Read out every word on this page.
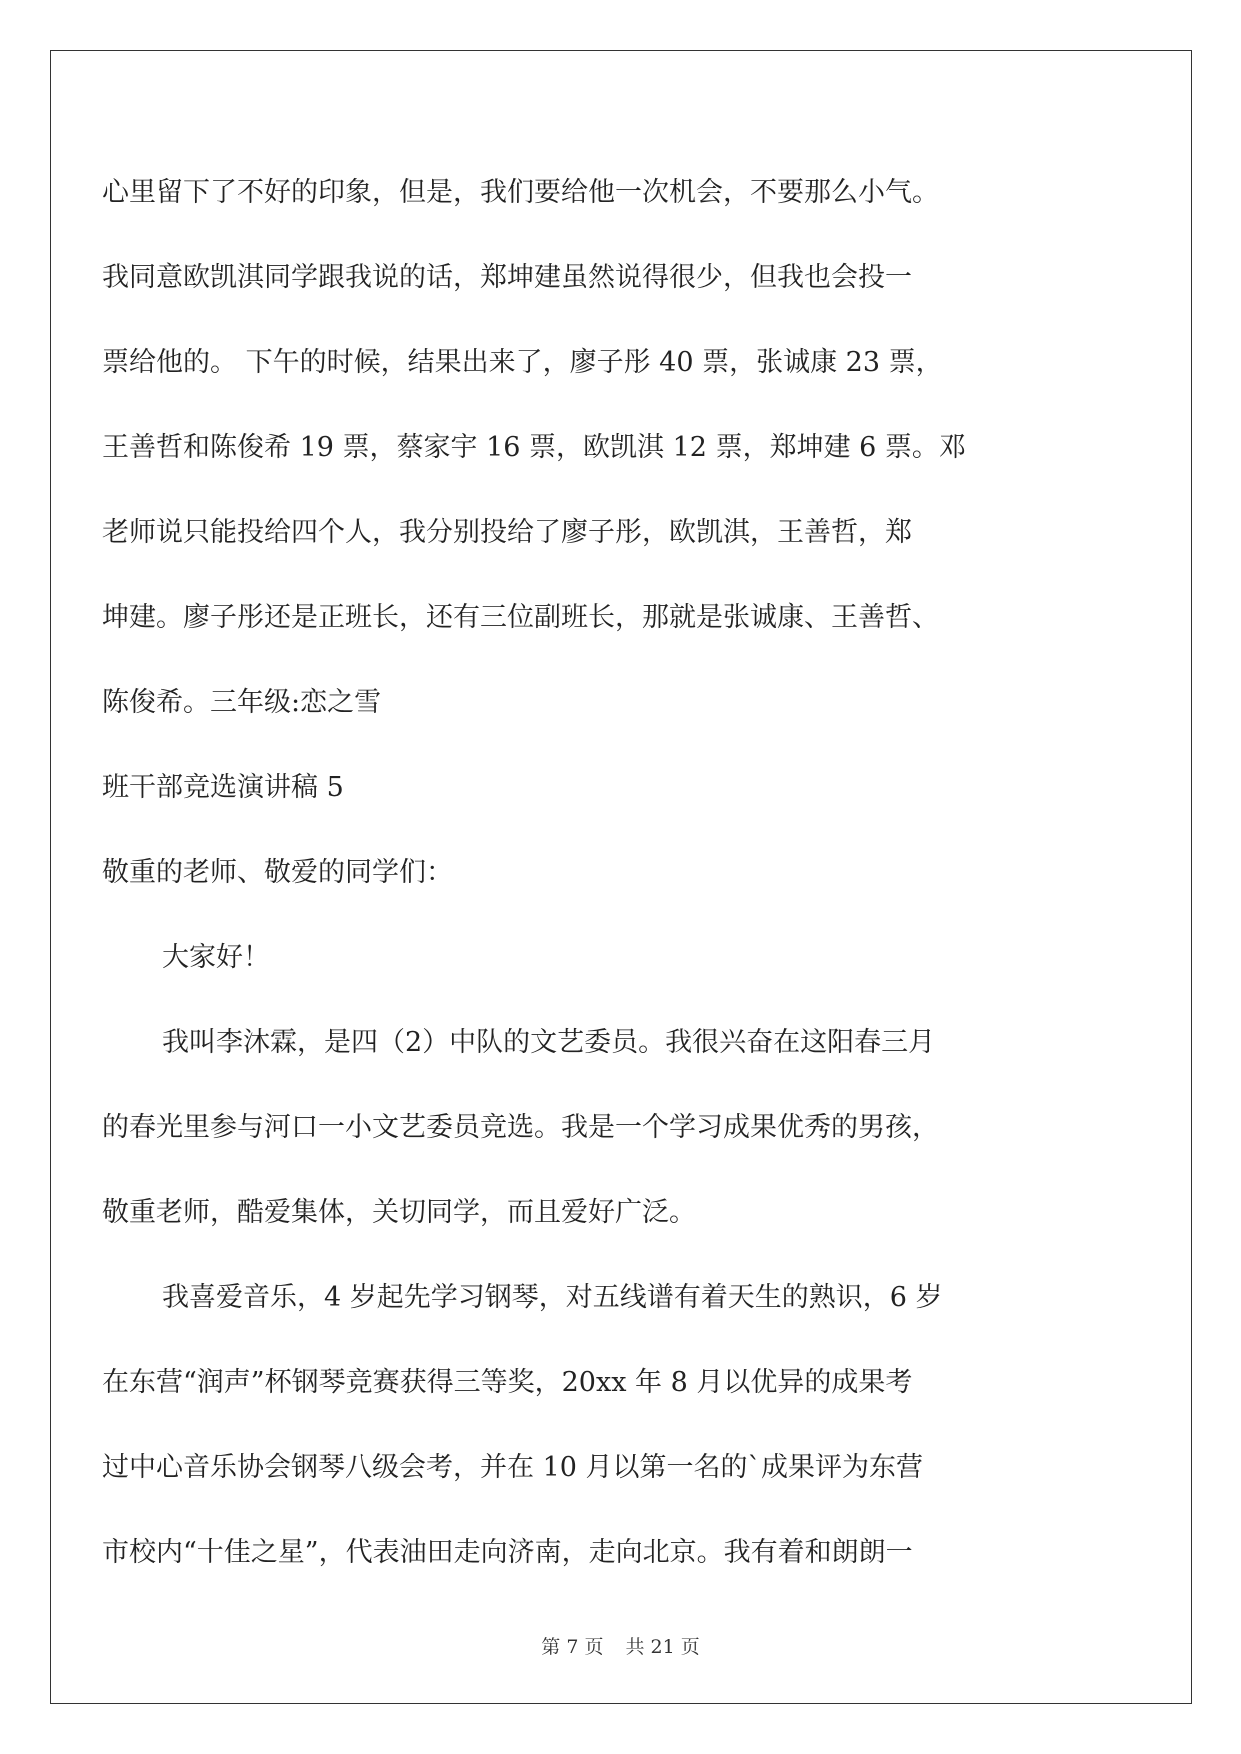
心里留下了不好的印象，但是，我们要给他一次机会，不要那么小气。

我同意欧凯淇同学跟我说的话，郑坤建虽然说得很少，但我也会投一

票给他的。 下午的时候，结果出来了，廖子彤 40 票，张诚康 23 票，

王善哲和陈俊希 19 票，蔡家宇 16 票，欧凯淇 12 票，郑坤建 6 票。邓

老师说只能投给四个人，我分别投给了廖子彤，欧凯淇，王善哲，郑

坤建。廖子彤还是正班长，还有三位副班长，那就是张诚康、王善哲、

陈俊希。三年级:恋之雪

班干部竞选演讲稿 5

敬重的老师、敬爱的同学们：

大家好！

我叫李沐霖，是四（2）中队的文艺委员。我很兴奋在这阳春三月

的春光里参与河口一小文艺委员竞选。我是一个学习成果优秀的男孩，

敬重老师，酷爱集体，关切同学，而且爱好广泛。

我喜爱音乐，4 岁起先学习钢琴，对五线谱有着天生的熟识，6 岁

在东营“润声”杯钢琴竞赛获得三等奖，20xx 年 8 月以优异的成果考

过中心音乐协会钢琴八级会考，并在 10 月以第一名的`成果评为东营

市校内“十佳之星”，代表油田走向济南，走向北京。我有着和朗朗一

第 7 页 共 21 页
